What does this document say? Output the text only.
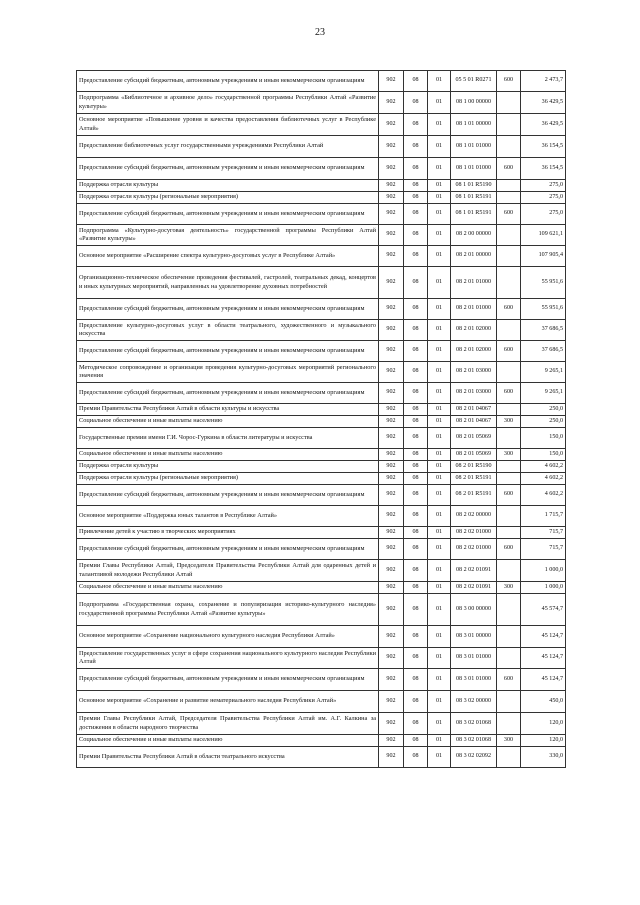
23
Предоставление субсидий бюджетным, автономным учреждениям и иным некоммерческим организациям	902	08	01	05 5 01 R0271	600	2 473,7
Подпрограмма «Библиотечное и архивное дело» государственной программы Республики Алтай «Развитие культуры»	902	08	01	08 1 00 00000		36 429,5
Основное мероприятие «Повышение уровня и качества предоставления библиотечных услуг в Республике Алтай»	902	08	01	08 1 01 00000		36 429,5
Предоставление библиотечных услуг государственными учреждениями Республики Алтай	902	08	01	08 1 01 01000		36 154,5
Предоставление субсидий бюджетным, автономным учреждениям и иным некоммерческим организациям	902	08	01	08 1 01 01000	600	36 154,5
Поддержка отрасли культуры	902	08	01	08 1 01 R5190		275,0
Поддержка отрасли культуры (региональные мероприятия)	902	08	01	08 1 01 R5191		275,0
Предоставление субсидий бюджетным, автономным учреждениям и иным некоммерческим организациям	902	08	01	08 1 01 R5191	600	275,0
Подпрограмма «Культурно-досуговая деятельность» государственной программы Республики Алтай «Развитие культуры»	902	08	01	08 2 00 00000		109 621,1
Основное мероприятие «Расширение спектра культурно-досуговых услуг в Республике Алтай»	902	08	01	08 2 01 00000		107 905,4
Организационно-техническое обеспечение проведения фестивалей, гастролей, театральных декад, концертов и иных культурных мероприятий, направленных на удовлетворение духовных потребностей	902	08	01	08 2 01 01000		55 951,6
Предоставление субсидий бюджетным, автономным учреждениям и иным некоммерческим организациям	902	08	01	08 2 01 01000	600	55 951,6
Предоставление культурно-досуговых услуг в области театрального, художественного и музыкального искусства	902	08	01	08 2 01 02000		37 686,5
Предоставление субсидий бюджетным, автономным учреждениям и иным некоммерческим организациям	902	08	01	08 2 01 02000	600	37 686,5
Методическое сопровождение и организация проведения культурно-досуговых мероприятий регионального значения	902	08	01	08 2 01 03000		9 265,1
Предоставление субсидий бюджетным, автономным учреждениям и иным некоммерческим организациям	902	08	01	08 2 01 03000	600	9 265,1
Премии Правительства Республики Алтай в области культуры и искусства	902	08	01	08 2 01 04067		250,0
Социальное обеспечение и иные выплаты населению	902	08	01	08 2 01 04067	300	250,0
Государственные премии имени Г.И. Чорос-Гуркина в области литературы и искусства	902	08	01	08 2 01 05069		150,0
Социальное обеспечение и иные выплаты населению	902	08	01	08 2 01 05069	300	150,0
Поддержка отрасли культуры	902	08	01	08 2 01 R5190		4 602,2
Поддержка отрасли культуры (региональные мероприятия)	902	08	01	08 2 01 R5191		4 602,2
Предоставление субсидий бюджетным, автономным учреждениям и иным некоммерческим организациям	902	08	01	08 2 01 R5191	600	4 602,2
Основное мероприятие «Поддержка юных талантов в Республике Алтай»	902	08	01	08 2 02 00000		1 715,7
Привлечение детей к участию в творческих мероприятиях	902	08	01	08 2 02 01000		715,7
Предоставление субсидий бюджетным, автономным учреждениям и иным некоммерческим организациям	902	08	01	08 2 02 01000	600	715,7
Премии Главы Республики Алтай, Председателя Правительства Республики Алтай для одаренных детей и талантливой молодежи Республики Алтай	902	08	01	08 2 02 01091		1 000,0
Социальное обеспечение и иные выплаты населению	902	08	01	08 2 02 01091	300	1 000,0
Подпрограмма «Государственная охрана, сохранение и популяризация историко-культурного наследия» государственной программы Республики Алтай «Развитие культуры»	902	08	01	08 3 00 00000		45 574,7
Основное мероприятие «Сохранение национального культурного наследия Республики Алтай»	902	08	01	08 3 01 00000		45 124,7
Предоставление государственных услуг в сфере сохранения национального культурного наследия Республики Алтай	902	08	01	08 3 01 01000		45 124,7
Предоставление субсидий бюджетным, автономным учреждениям и иным некоммерческим организациям	902	08	01	08 3 01 01000	600	45 124,7
Основное мероприятие «Сохранение и развитие нематериального наследия Республики Алтай»	902	08	01	08 3 02 00000		450,0
Премии Главы Республики Алтай, Председателя Правительства Республики Алтай им. А.Г. Калкина за достижения в области народного творчества	902	08	01	08 3 02 01068		120,0
Социальное обеспечение и иные выплаты населению	902	08	01	08 3 02 01068	300	120,0
Премии Правительства Республики Алтай в области театрального искусства	902	08	01	08 3 02 02092		330,0
